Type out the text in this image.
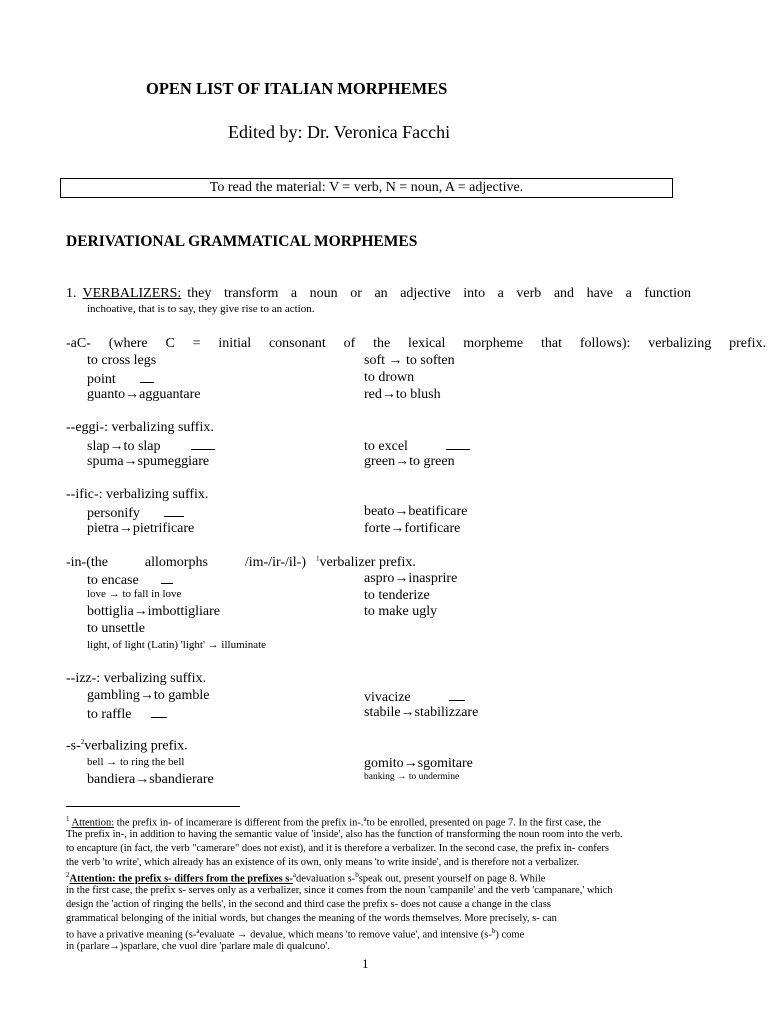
OPEN LIST OF ITALIAN MORPHEMES
Edited by: Dr. Veronica Facchi
To read the material: V = verb, N = noun, A = adjective.
DERIVATIONAL GRAMMATICAL MORPHEMES
1. VERBALIZERS: they transform a noun or an adjective into a verb and have a function
inchoative, that is to say, they give rise to an action.
-aC- (where C = initial consonant of the lexical morpheme that follows): verbalizing prefix.
to cross legs
point
guanto→agguantare
soft → to soften
to drown
red→to blush
--eggi-: verbalizing suffix.
slap→to slap
spuma→spumeggiare
to excel
green→to green
--ific-: verbalizing suffix.
personify
pietra→pietrificare
beato→beatificare
forte→fortificare
-in-(the allomorphs /im-/ir-/il-) $^1$verbalizer prefix.
to encase
love → to fall in love
bottiglia→imbottigliare
to unsettle
light, of light (Latin) 'light' → illuminate
aspro→inasprire
to tenderize
to make ugly
--izz-: verbalizing suffix.
gambling→to gamble
to raffle
vivacize
stabile→stabilizzare
-s-$^2$verbalizing prefix.
bell → to ring the bell
bandiera→sbandierare
gomito→sgomitare
banking → to undermine
$^1$ Attention: the prefix in- of incamerare is different from the prefix in-.$^a$to be enrolled, presented on page 7. In the first case, the
The prefix in-, in addition to having the semantic value of 'inside', also has the function of transforming the noun room into the verb.
to encapture (in fact, the verb "camerare" does not exist), and it is therefore a verbalizer. In the second case, the prefix in- confers
the verb 'to write', which already has an existence of its own, only means 'to write inside', and is therefore not a verbalizer.
$^2$Attention: the prefix s- differs from the prefixes s-$^a$devaluation s-$^b$speak out, present yourself on page 8. While
in the first case, the prefix s- serves only as a verbalizer, since it comes from the noun 'campanile' and the verb 'campanare,' which
design the 'action of ringing the bells', in the second and third case the prefix s- does not cause a change in the class
grammatical belonging of the initial words, but changes the meaning of the words themselves. More precisely, s- can
to have a privative meaning (s-$^a$evaluate → devalue, which means 'to remove value', and intensive (s-$^b$) come
in (parlare→)sparlare, che vuol dire 'parlare male di qualcuno'.
1
